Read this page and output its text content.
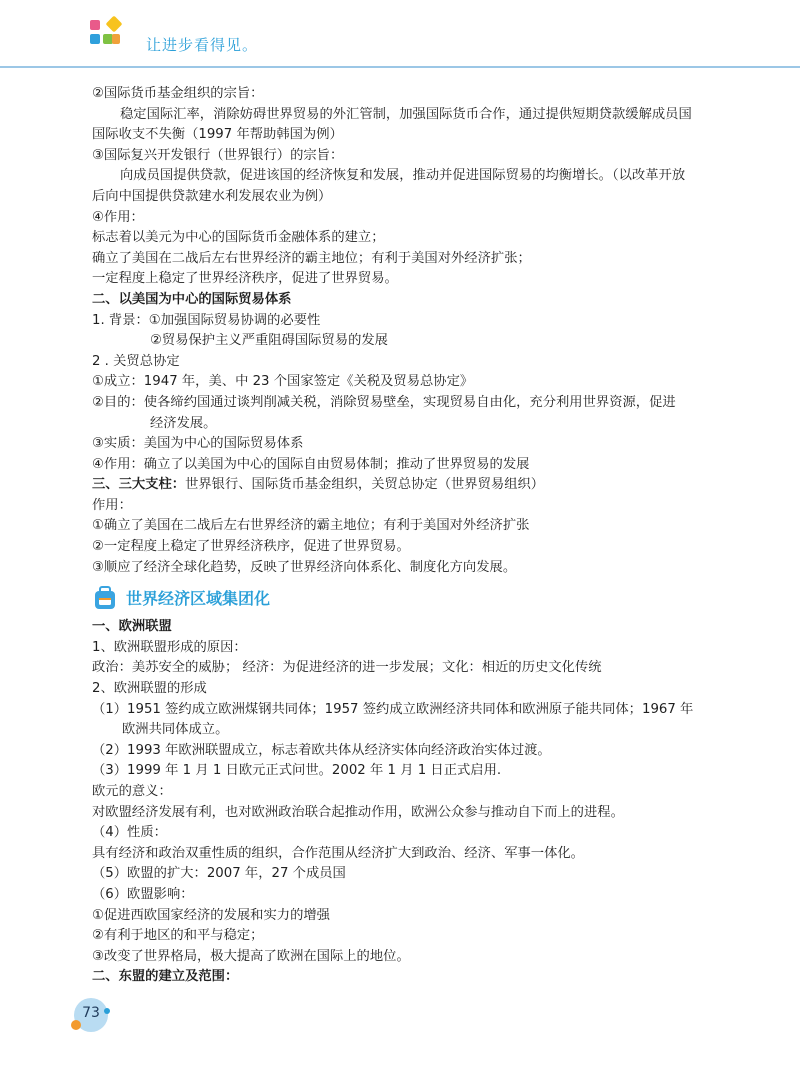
让进步看得见。
②国际货币基金组织的宗旨：
稳定国际汇率，消除妨碍世界贸易的外汇管制，加强国际货币合作，通过提供短期贷款缓解成员国
国际收支不失衡（1997 年帮助韩国为例）
③国际复兴开发银行（世界银行）的宗旨：
向成员国提供贷款，促进该国的经济恢复和发展，推动并促进国际贸易的均衡增长。（以改革开放
后向中国提供贷款建水利发展农业为例）
④作用：
标志着以美元为中心的国际货币金融体系的建立；
确立了美国在二战后左右世界经济的霸主地位；有利于美国对外经济扩张；
一定程度上稳定了世界经济秩序，促进了世界贸易。
二、以美国为中心的国际贸易体系
1. 背景：①加强国际贸易协调的必要性
②贸易保护主义严重阻碍国际贸易的发展
2 . 关贸总协定
①成立：1947 年，美、中 23 个国家签定《关税及贸易总协定》
②目的：使各缔约国通过谈判削减关税，消除贸易壁垒，实现贸易自由化，充分利用世界资源，促进
经济发展。
③实质：美国为中心的国际贸易体系
④作用：确立了以美国为中心的国际自由贸易体制；推动了世界贸易的发展
三、三大支柱：世界银行、国际货币基金组织，关贸总协定（世界贸易组织）
作用：
①确立了美国在二战后左右世界经济的霸主地位；有利于美国对外经济扩张
②一定程度上稳定了世界经济秩序，促进了世界贸易。
③顺应了经济全球化趋势，反映了世界经济向体系化、制度化方向发展。
世界经济区域集团化
一、欧洲联盟
1、欧洲联盟形成的原因：
政治：美苏安全的威胁； 经济：为促进经济的进一步发展；文化：相近的历史文化传统
2、欧洲联盟的形成
（1）1951 签约成立欧洲煤钢共同体；1957 签约成立欧洲经济共同体和欧洲原子能共同体；1967 年
欧洲共同体成立。
（2）1993 年欧洲联盟成立，标志着欧共体从经济实体向经济政治实体过渡。
（3）1999 年 1 月 1 日欧元正式问世。2002 年 1 月 1 日正式启用.
欧元的意义：
对欧盟经济发展有利，也对欧洲政治联合起推动作用，欧洲公众参与推动自下而上的进程。
（4）性质：
具有经济和政治双重性质的组织，合作范围从经济扩大到政治、经济、军事一体化。
（5）欧盟的扩大：2007 年，27 个成员国
（6）欧盟影响：
①促进西欧国家经济的发展和实力的增强
②有利于地区的和平与稳定；
③改变了世界格局，极大提高了欧洲在国际上的地位。
二、东盟的建立及范围：
73
